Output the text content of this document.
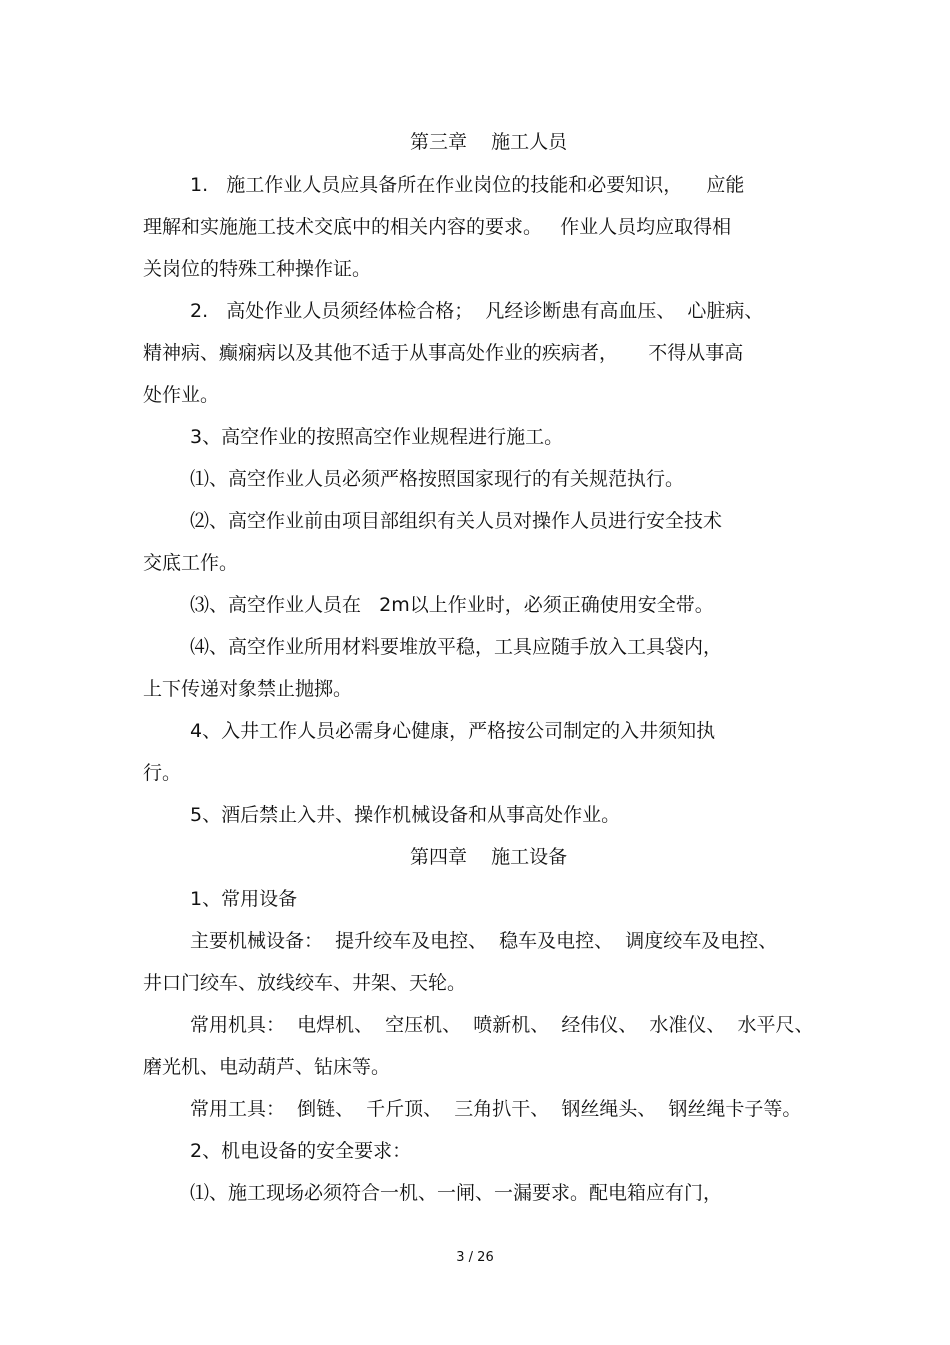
第三章    施工人员
1.   施工作业人员应具备所在作业岗位的技能和必要知识，    应能
理解和实施施工技术交底中的相关内容的要求。   作业人员均应取得相
关岗位的特殊工种操作证。
2.   高处作业人员须经体检合格；  凡经诊断患有高血压、  心脏病、
精神病、癫痫病以及其他不适于从事高处作业的疾病者，     不得从事高
处作业。
3、高空作业的按照高空作业规程进行施工。
⑴、高空作业人员必须严格按照国家现行的有关规范执行。
⑵、高空作业前由项目部组织有关人员对操作人员进行安全技术
交底工作。
⑶、高空作业人员在   2m以上作业时，必须正确使用安全带。
⑷、高空作业所用材料要堆放平稳，工具应随手放入工具袋内，
上下传递对象禁止抛掷。
4、入井工作人员必需身心健康，严格按公司制定的入井须知执
行。
5、酒后禁止入井、操作机械设备和从事高处作业。
第四章    施工设备
1、常用设备
主要机械设备：  提升绞车及电控、  稳车及电控、  调度绞车及电控、
井口门绞车、放线绞车、井架、天轮。
常用机具：  电焊机、  空压机、  喷新机、  经伟仪、  水准仪、  水平尺、
磨光机、电动葫芦、钻床等。
常用工具：  倒链、  千斤顶、  三角扒干、  钢丝绳头、  钢丝绳卡子等。
2、机电设备的安全要求：
⑴、施工现场必须符合一机、一闸、一漏要求。配电箱应有门，
3 / 26
